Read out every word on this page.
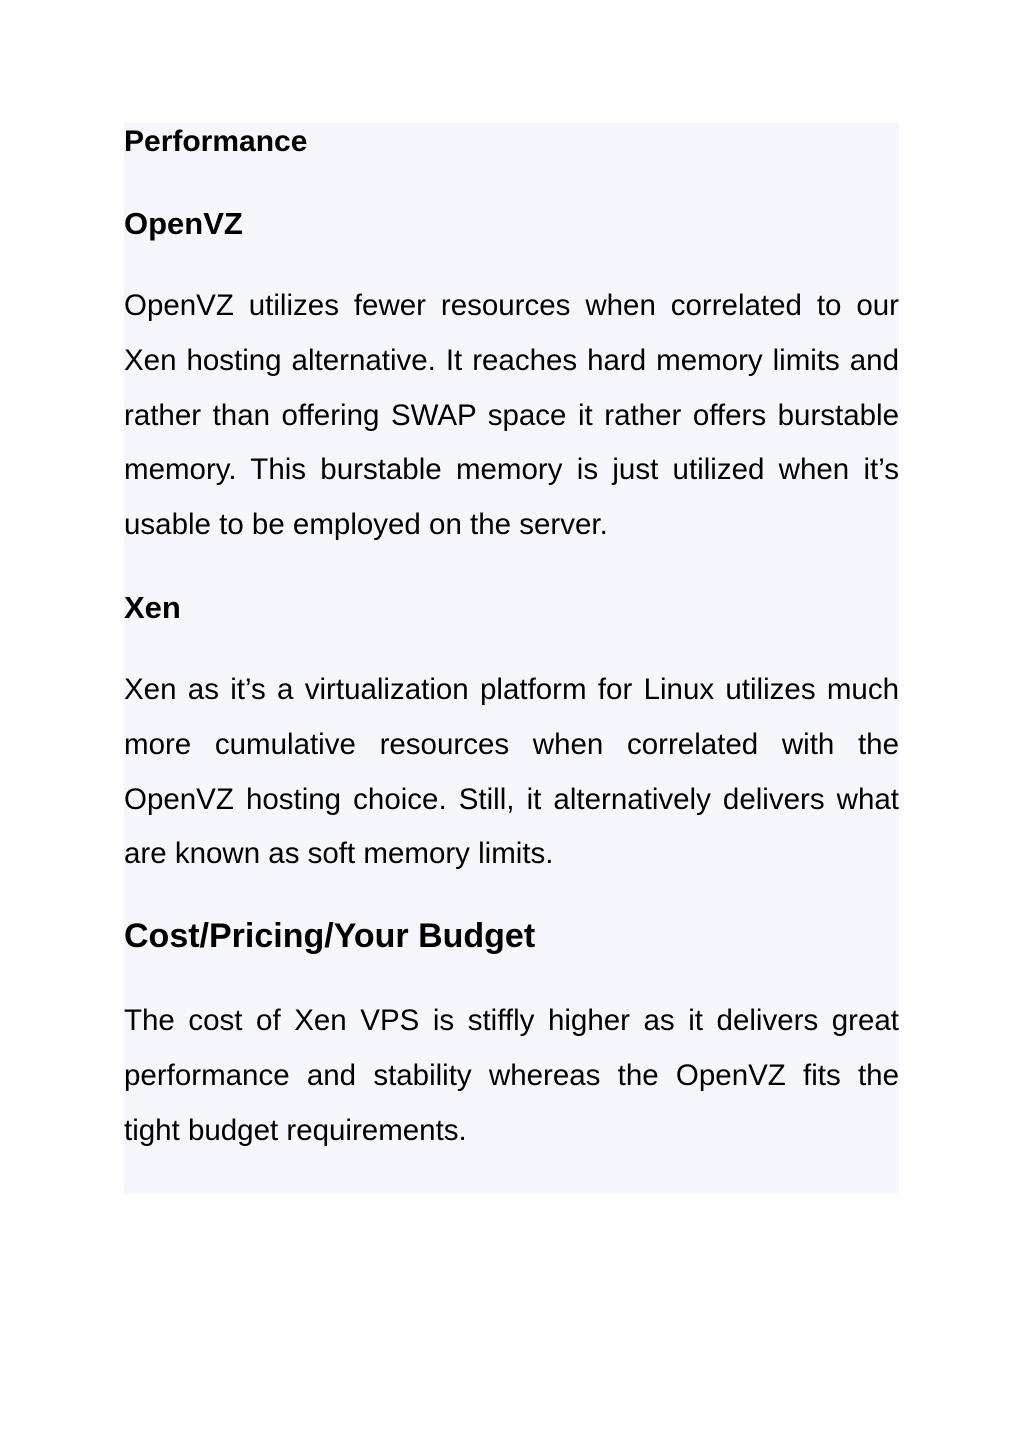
Performance
OpenVZ

OpenVZ utilizes fewer resources when correlated to our Xen hosting alternative. It reaches hard memory limits and rather than offering SWAP space it rather offers burstable memory. This burstable memory is just utilized when it’s usable to be employed on the server.

Xen

Xen as it’s a virtualization platform for Linux utilizes much more cumulative resources when correlated with the OpenVZ hosting choice. Still, it alternatively delivers what are known as soft memory limits.

Cost/Pricing/Your Budget

The cost of Xen VPS is stiffly higher as it delivers great performance and stability whereas the OpenVZ fits the tight budget requirements.
